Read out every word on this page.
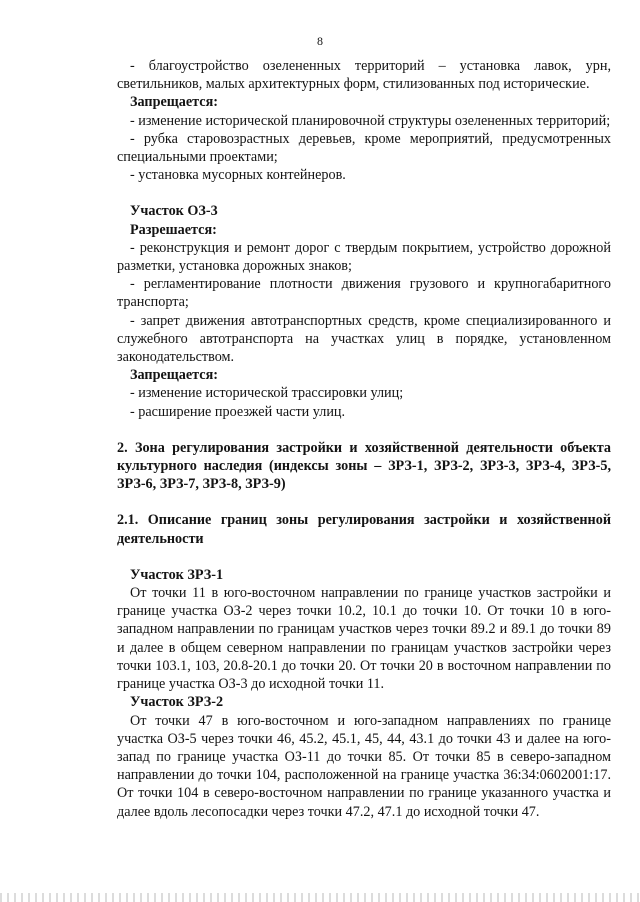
8

- благоустройство озелененных территорий – установка лавок, урн, светильников, малых архитектурных форм, стилизованных под исторические.

Запрещается:

- изменение исторической планировочной структуры озелененных территорий;

- рубка старовозрастных деревьев, кроме мероприятий, предусмотренных специальными проектами;

- установка мусорных контейнеров.

Участок ОЗ-3

Разрешается:

- реконструкция и ремонт дорог с твердым покрытием, устройство дорожной разметки, установка дорожных знаков;

- регламентирование плотности движения грузового и крупногабаритного транспорта;

- запрет движения автотранспортных средств, кроме специализированного и служебного автотранспорта на участках улиц в порядке, установленном законодательством.

Запрещается:

- изменение исторической трассировки улиц;

- расширение проезжей части улиц.

2. Зона регулирования застройки и хозяйственной деятельности объекта культурного наследия (индексы зоны – ЗРЗ-1, ЗРЗ-2, ЗРЗ-3, ЗРЗ-4, ЗРЗ-5, ЗРЗ-6, ЗРЗ-7, ЗРЗ-8, ЗРЗ-9)

2.1. Описание границ зоны регулирования застройки и хозяйственной деятельности

Участок ЗРЗ-1

От точки 11 в юго-восточном направлении по границе участков застройки и границе участка ОЗ-2 через точки 10.2, 10.1 до точки 10. От точки 10 в юго-западном направлении по границам участков через точки 89.2 и 89.1 до точки 89 и далее в общем северном направлении по границам участков застройки через точки 103.1, 103, 20.8-20.1 до точки 20. От точки 20 в восточном направлении по границе участка ОЗ-3 до исходной точки 11.

Участок ЗРЗ-2

От точки 47 в юго-восточном и юго-западном направлениях по границе участка ОЗ-5 через точки 46, 45.2, 45.1, 45, 44, 43.1 до точки 43 и далее на юго-запад по границе участка ОЗ-11 до точки 85. От точки 85 в северо-западном направлении до точки 104, расположенной на границе участка 36:34:0602001:17. От точки 104 в северо-восточном направлении по границе указанного участка и далее вдоль лесопосадки через точки 47.2, 47.1 до исходной точки 47.
